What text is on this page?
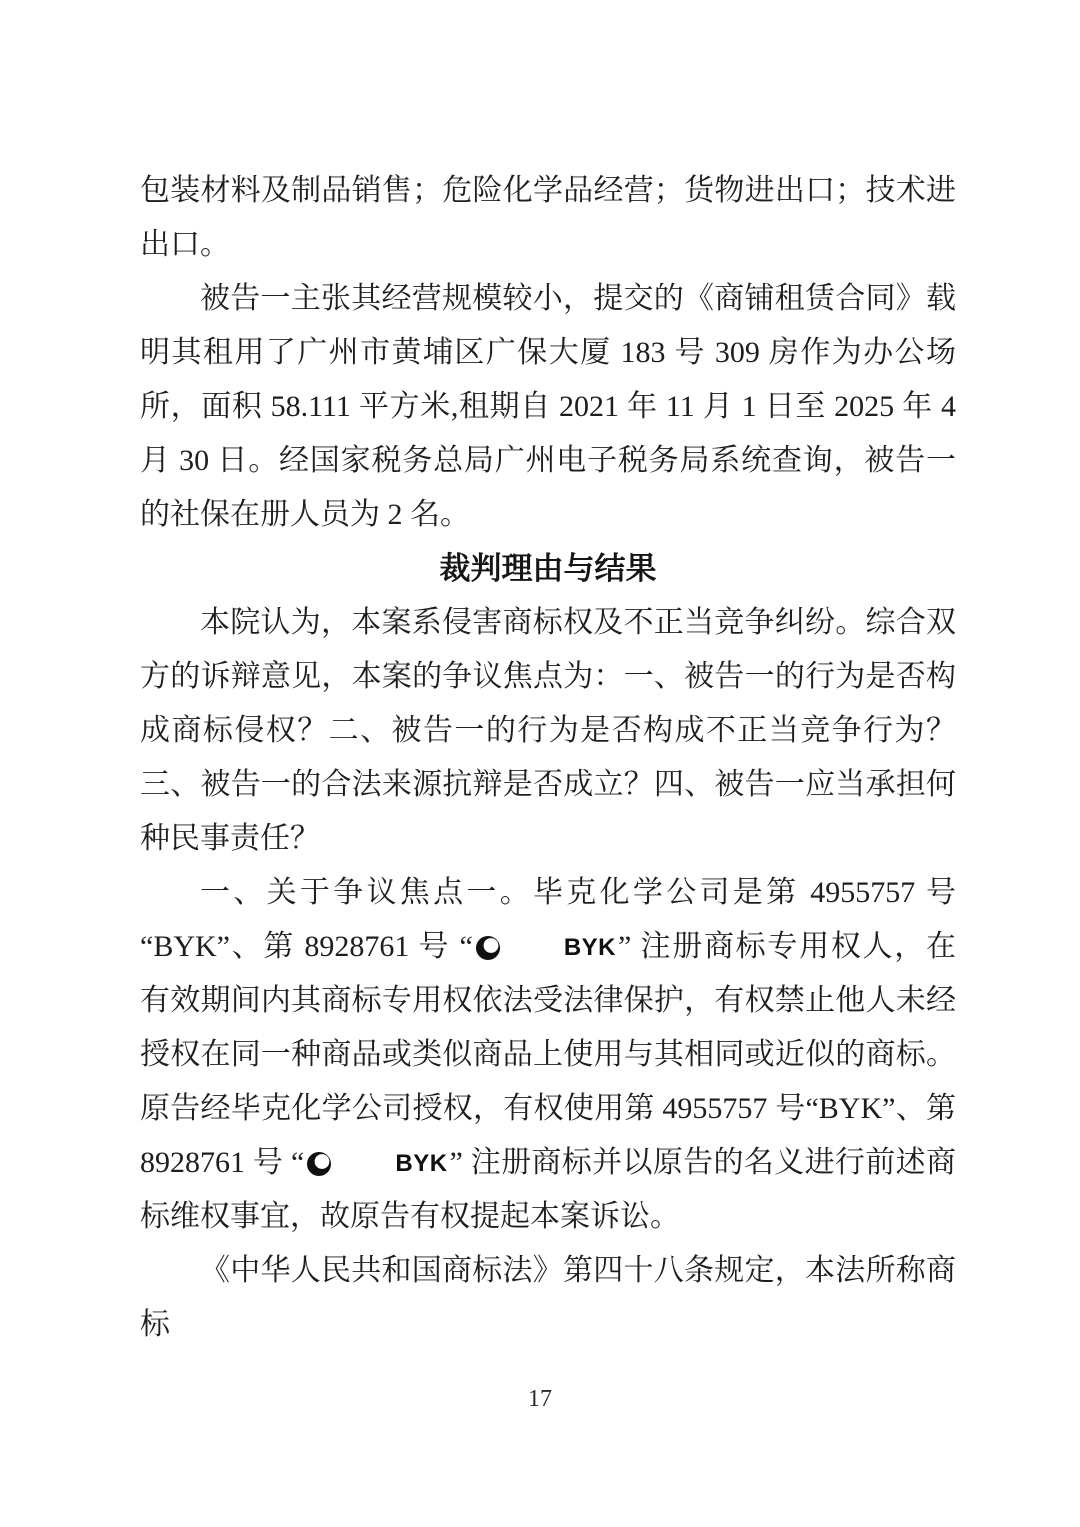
包装材料及制品销售；危险化学品经营；货物进出口；技术进出口。

被告一主张其经营规模较小，提交的《商铺租赁合同》载明其租用了广州市黄埔区广保大厦 183 号 309 房作为办公场所，面积 58.111 平方米,租期自 2021 年 11 月 1 日至 2025 年 4 月 30 日。经国家税务总局广州电子税务局系统查询，被告一的社保在册人员为 2 名。

裁判理由与结果

本院认为，本案系侵害商标权及不正当竞争纠纷。综合双方的诉辩意见，本案的争议焦点为：一、被告一的行为是否构成商标侵权？二、被告一的行为是否构成不正当竞争行为？三、被告一的合法来源抗辩是否成立？四、被告一应当承担何种民事责任？

一、关于争议焦点一。毕克化学公司是第 4955757 号“BYK”、第 8928761 号 “	BYK ” 注册商标专用权人，在有效期间内其商标专用权依法受法律保护，有权禁止他人未经授权在同一种商品或类似商品上使用与其相同或近似的商标。原告经毕克化学公司授权，有权使用第 4955757 号“BYK”、第 8928761 号 “	BYK ” 注册商标并以原告的名义进行前述商标维权事宜，故原告有权提起本案诉讼。

《中华人民共和国商标法》第四十八条规定，本法所称商标

17
